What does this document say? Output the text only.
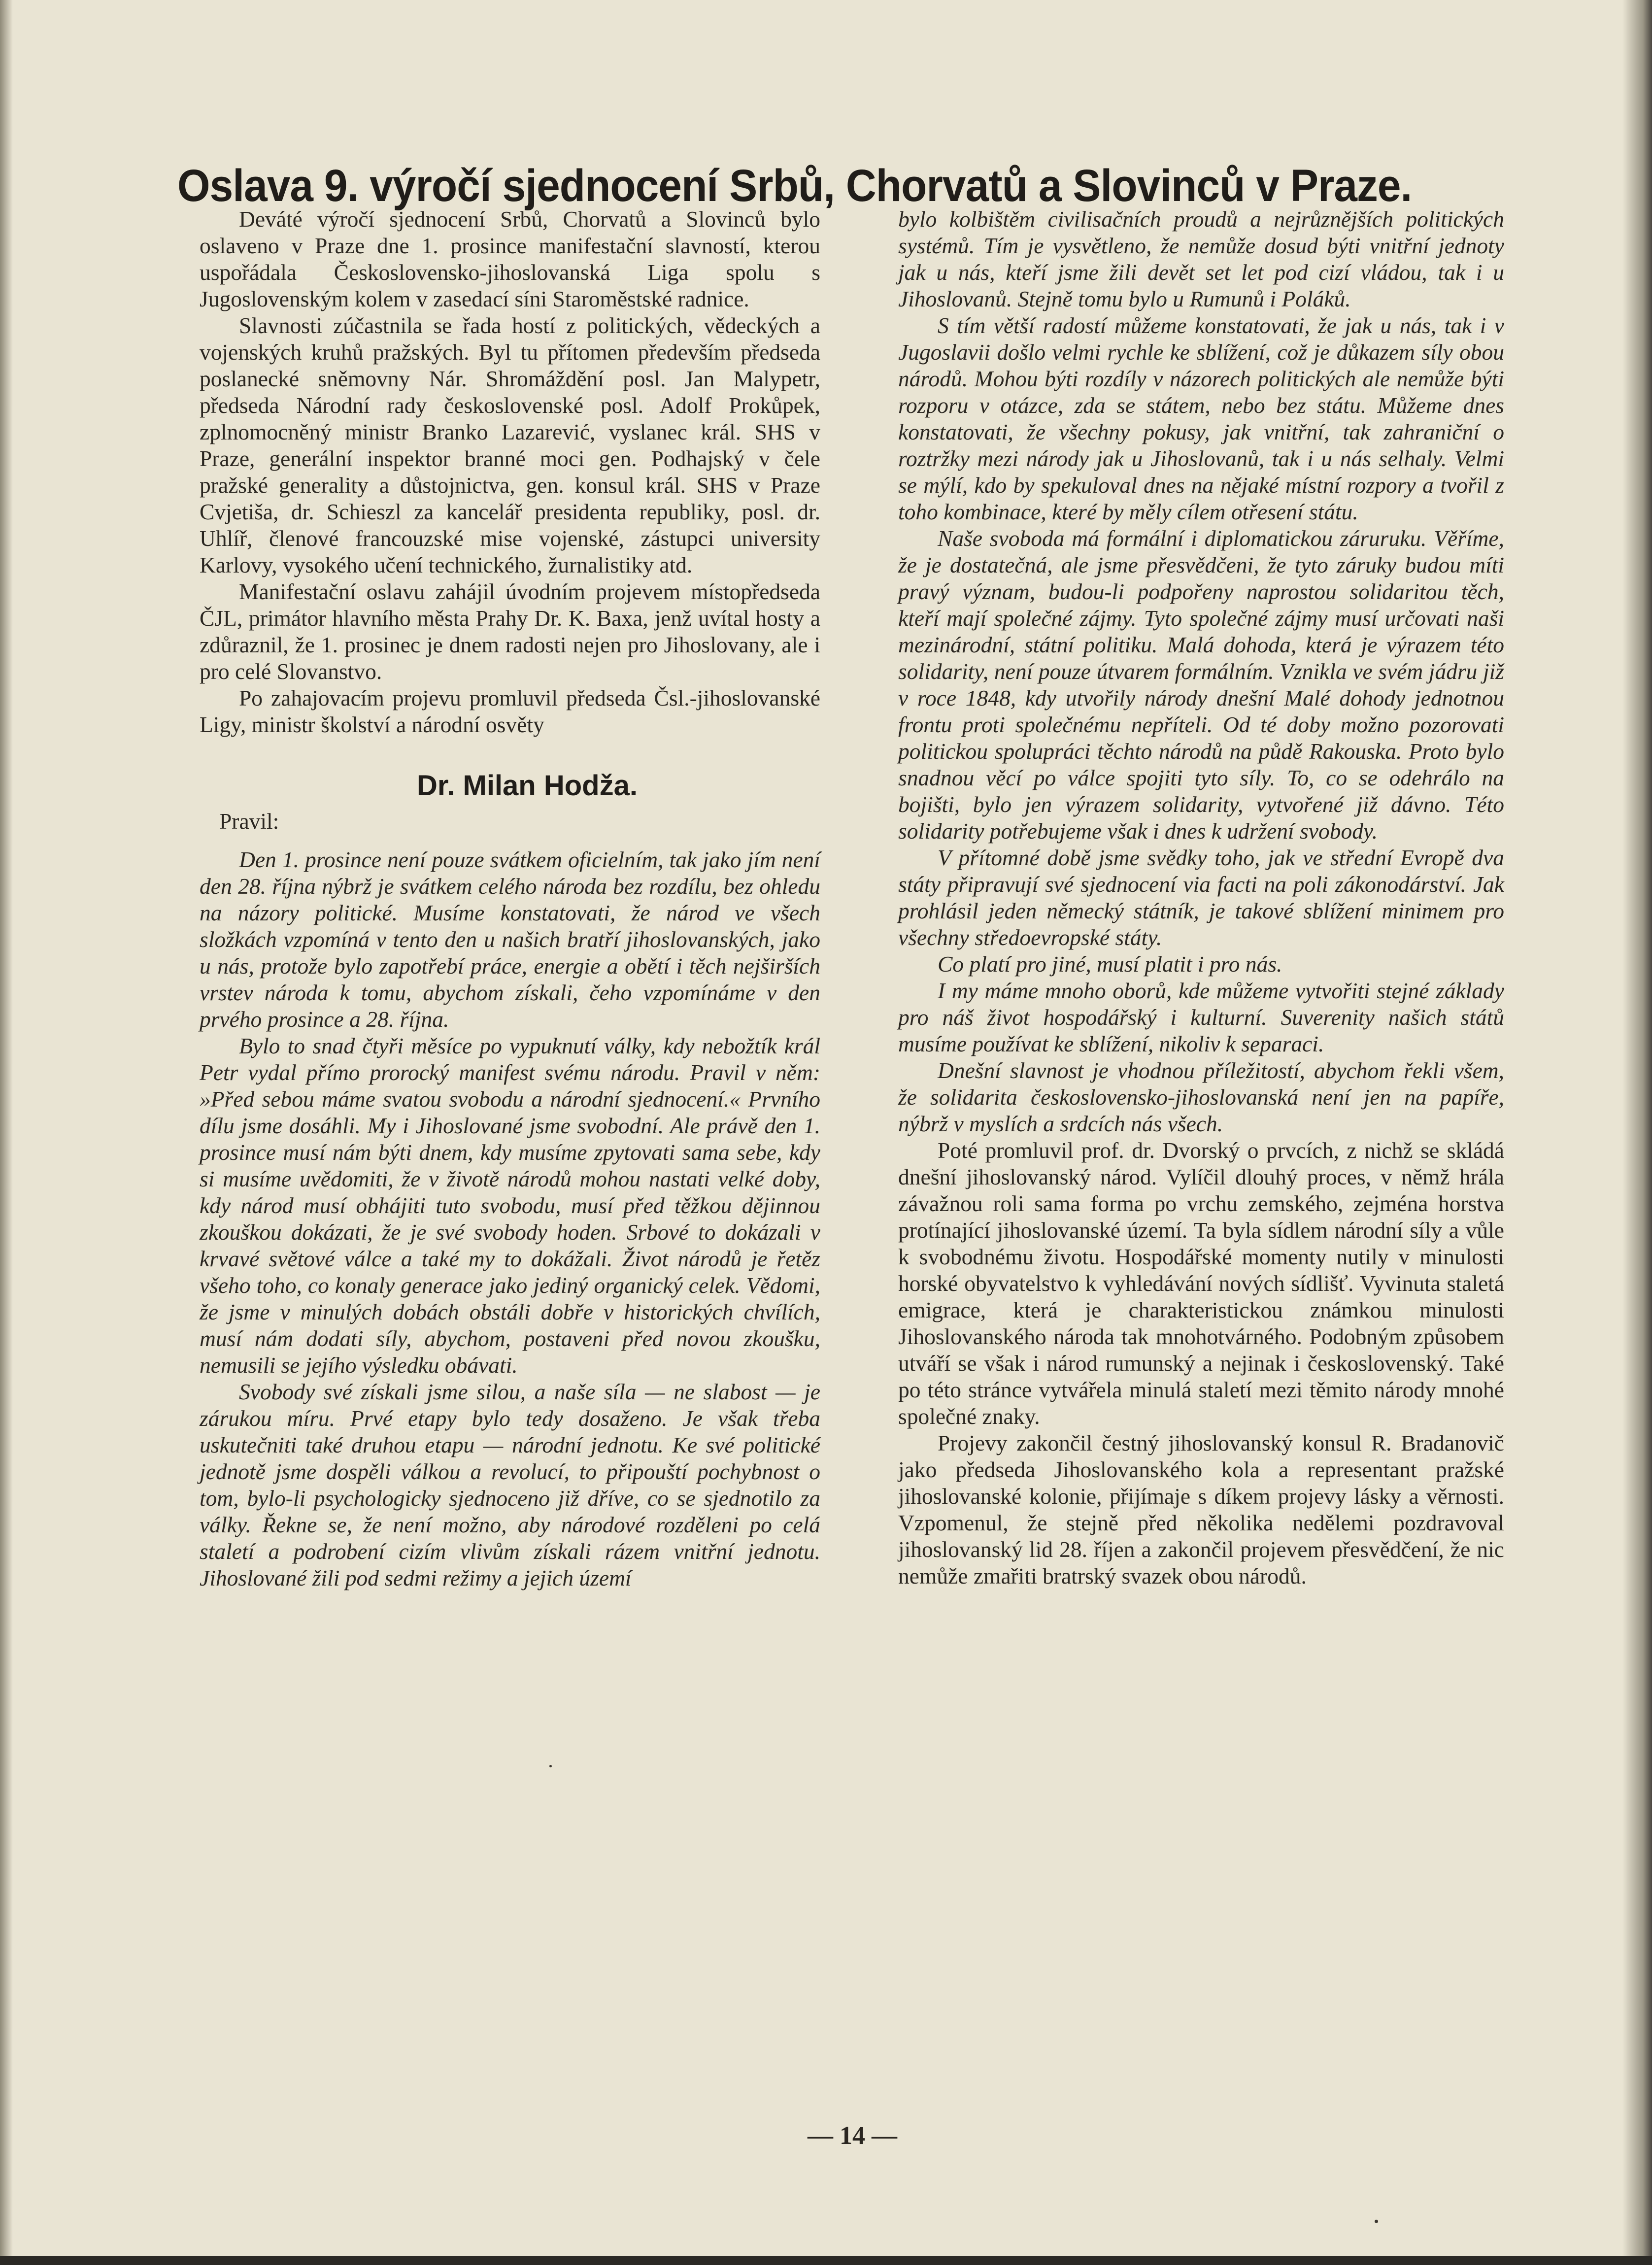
Oslava 9. výročí sjednocení Srbů, Chorvatů a Slovinců v Praze.

Deváté výročí sjednocení Srbů, Chorvatů a Slovinců bylo oslaveno v Praze dne 1. prosince manifestační slavností, kterou uspořádala Československo-jihoslovanská Liga spolu s Jugoslovenským kolem v zasedací síni Staroměstské radnice.

Slavnosti zúčastnila se řada hostí z politických, vědeckých a vojenských kruhů pražských. Byl tu přítomen především předseda poslanecké sněmovny Nár. Shromáždění posl. Jan Malypetr, předseda Národní rady československé posl. Adolf Prokůpek, zplnomocněný ministr Branko Lazarević, vyslanec král. SHS v Praze, generální inspektor branné moci gen. Podhajský v čele pražské generality a důstojnictva, gen. konsul král. SHS v Praze Cvjetiša, dr. Schieszl za kancelář presidenta republiky, posl. dr. Uhlíř, členové francouzské mise vojenské, zástupci university Karlovy, vysokého učení technického, žurnalistiky atd.

Manifestační oslavu zahájil úvodním projevem místopředseda ČJL, primátor hlavního města Prahy Dr. K. Baxa, jenž uvítal hosty a zdůraznil, že 1. prosinec je dnem radosti nejen pro Jihoslovany, ale i pro celé Slovanstvo.

Po zahajovacím projevu promluvil předseda Čsl.-jihoslovanské Ligy, ministr školství a národní osvěty

Dr. Milan Hodža.

Pravil:

Den 1. prosince není pouze svátkem oficielním, tak jako jím není den 28. října nýbrž je svátkem celého národa bez rozdílu, bez ohledu na názory politické. Musíme konstatovati, že národ ve všech složkách vzpomíná v tento den u našich bratří jihoslovanských, jako u nás, protože bylo zapotřebí práce, energie a obětí i těch nejširších vrstev národa k tomu, abychom získali, čeho vzpomínáme v den prvého prosince a 28. října.

Bylo to snad čtyři měsíce po vypuknutí války, kdy nebožtík král Petr vydal přímo prorocký manifest svému národu. Pravil v něm: »Před sebou máme svatou svobodu a národní sjednocení.« Prvního dílu jsme dosáhli. My i Jihoslované jsme svobodní. Ale právě den 1. prosince musí nám býti dnem, kdy musíme zpytovati sama sebe, kdy si musíme uvědomiti, že v životě národů mohou nastati velké doby, kdy národ musí obhájiti tuto svobodu, musí před těžkou dějinnou zkouškou dokázati, že je své svobody hoden. Srbové to dokázali v krvavé světové válce a také my to dokážali. Život národů je řetěz všeho toho, co konaly generace jako jediný organický celek. Vědomi, že jsme v minulých dobách obstáli dobře v historických chvílích, musí nám dodati síly, abychom, postaveni před novou zkoušku, nemusili se jejího výsledku obávati.

Svobody své získali jsme silou, a naše síla — ne slabost — je zárukou míru. Prvé etapy bylo tedy dosaženo. Je však třeba uskutečniti také druhou etapu — národní jednotu. Ke své politické jednotě jsme dospěli válkou a revolucí, to připouští pochybnost o tom, bylo-li psychologicky sjednoceno již dříve, co se sjednotilo za války. Řekne se, že není možno, aby národové rozděleni po celá staletí a podrobení cizím vlivům získali rázem vnitřní jednotu. Jihoslované žili pod sedmi režimy a jejich území

bylo kolbištěm civilisačních proudů a nejrůznějších politických systémů. Tím je vysvětleno, že nemůže dosud býti vnitřní jednoty jak u nás, kteří jsme žili devět set let pod cizí vládou, tak i u Jihoslovanů. Stejně tomu bylo u Rumunů i Poláků.

S tím větší radostí můžeme konstatovati, že jak u nás, tak i v Jugoslavii došlo velmi rychle ke sblížení, což je důkazem síly obou národů. Mohou býti rozdíly v názorech politických ale nemůže býti rozporu v otázce, zda se státem, nebo bez státu. Můžeme dnes konstatovati, že všechny pokusy, jak vnitřní, tak zahraniční o roztržky mezi národy jak u Jihoslovanů, tak i u nás selhaly. Velmi se mýlí, kdo by spekuloval dnes na nějaké místní rozpory a tvořil z toho kombinace, které by měly cílem otřesení státu.

Naše svoboda má formální i diplomatickou záruruku. Věříme, že je dostatečná, ale jsme přesvědčeni, že tyto záruky budou míti pravý význam, budou-li podpořeny naprostou solidaritou těch, kteří mají společné zájmy. Tyto společné zájmy musí určovati naši mezinárodní, státní politiku. Malá dohoda, která je výrazem této solidarity, není pouze útvarem formálním. Vznikla ve svém jádru již v roce 1848, kdy utvořily národy dnešní Malé dohody jednotnou frontu proti společnému nepříteli. Od té doby možno pozorovati politickou spolupráci těchto národů na půdě Rakouska. Proto bylo snadnou věcí po válce spojiti tyto síly. To, co se odehrálo na bojišti, bylo jen výrazem solidarity, vytvořené již dávno. Této solidarity potřebujeme však i dnes k udržení svobody.

V přítomné době jsme svědky toho, jak ve střední Evropě dva státy připravují své sjednocení via facti na poli zákonodárství. Jak prohlásil jeden německý státník, je takové sblížení minimem pro všechny středoevropské státy.

Co platí pro jiné, musí platit i pro nás.

I my máme mnoho oborů, kde můžeme vytvořiti stejné základy pro náš život hospodářský i kulturní. Suverenity našich států musíme používat ke sblížení, nikoliv k separaci.

Dnešní slavnost je vhodnou příležitostí, abychom řekli všem, že solidarita československo-jihoslovanská není jen na papíře, nýbrž v myslích a srdcích nás všech.

Poté promluvil prof. dr. Dvorský o prvcích, z nichž se skládá dnešní jihoslovanský národ. Vylíčil dlouhý proces, v němž hrála závažnou roli sama forma po vrchu zemského, zejména horstva protínající jihoslovanské území. Ta byla sídlem národní síly a vůle k svobodnému životu. Hospodářské momenty nutily v minulosti horské obyvatelstvo k vyhledávání nových sídlišť. Vyvinuta staletá emigrace, která je charakteristickou známkou minulosti Jihoslovanského národa tak mnohotvárného. Podobným způsobem utváří se však i národ rumunský a nejinak i československý. Také po této stránce vytvářela minulá staletí mezi těmito národy mnohé společné znaky.

Projevy zakončil čestný jihoslovanský konsul R. Bradanovič jako předseda Jihoslovanského kola a representant pražské jihoslovanské kolonie, přijímaje s díkem projevy lásky a věrnosti. Vzpomenul, že stejně před několika nedělemi pozdravoval jihoslovanský lid 28. říjen a zakončil projevem přesvědčení, že nic nemůže zmařiti bratrský svazek obou národů.

— 14 —
